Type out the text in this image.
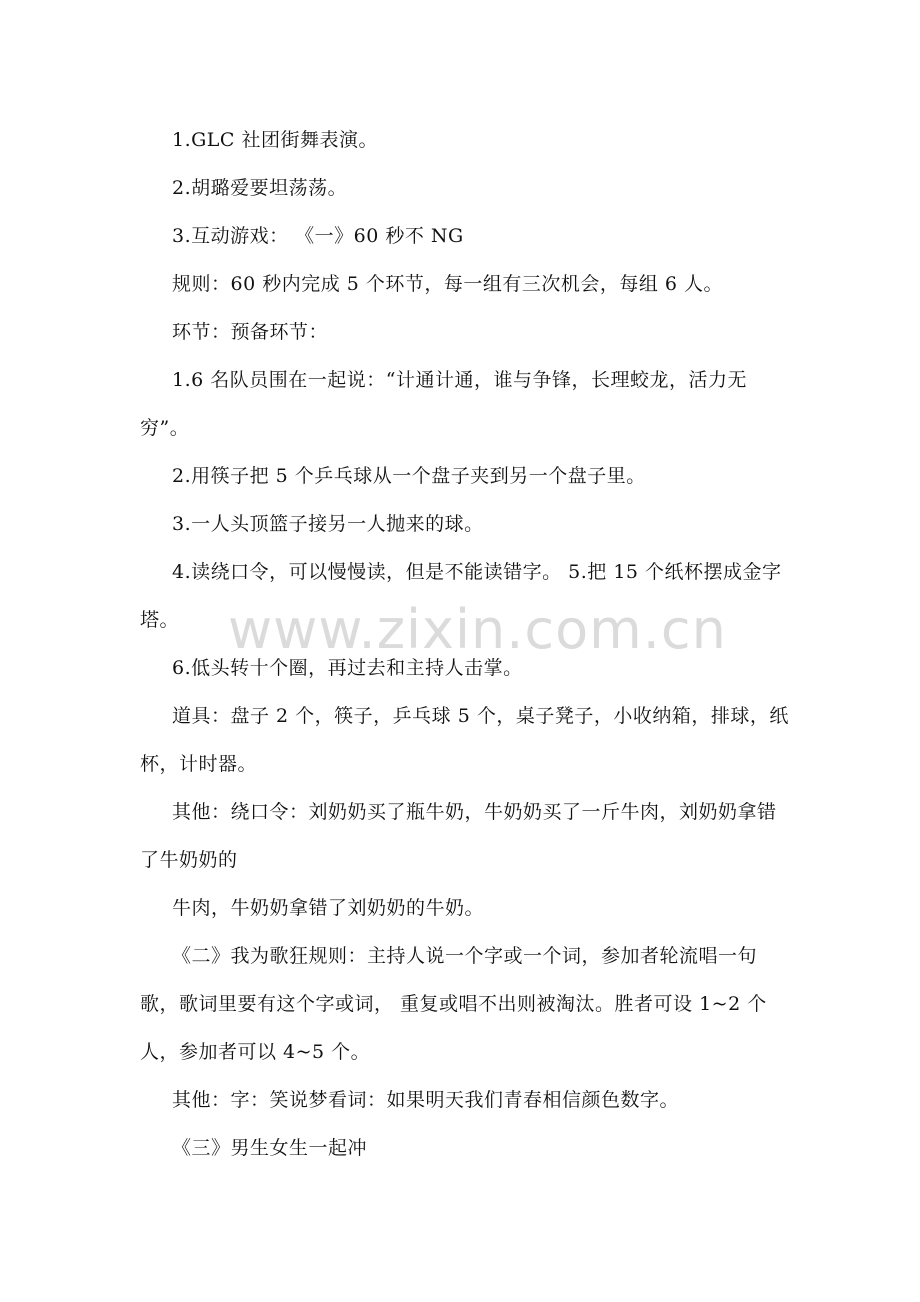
1.GLC 社团街舞表演。

2.胡璐爱要坦荡荡。

3.互动游戏： 《一》60 秒不 NG

规则：60 秒内完成 5 个环节，每一组有三次机会，每组 6 人。

环节：预备环节：

1.6 名队员围在一起说：“计通计通，谁与争锋，长理蛟龙，活力无 穷”。

2.用筷子把 5 个乒乓球从一个盘子夹到另一个盘子里。

3.一人头顶篮子接另一人抛来的球。

4.读绕口令，可以慢慢读，但是不能读错字。 5.把 15 个纸杯摆成金字塔。

6.低头转十个圈，再过去和主持人击掌。

道具：盘子 2 个，筷子，乒乓球 5 个，桌子凳子，小收纳箱，排球，纸杯，计时器。

其他：绕口令：刘奶奶买了瓶牛奶，牛奶奶买了一斤牛肉，刘奶奶拿错了牛奶奶的

牛肉，牛奶奶拿错了刘奶奶的牛奶。

《二》我为歌狂规则：主持人说一个字或一个词，参加者轮流唱一句歌，歌词里要有这个字或词， 重复或唱不出则被淘汰。胜者可设 1~2 个人，参加者可以 4~5 个。

其他：字：笑说梦看词：如果明天我们青春相信颜色数字。

《三》男生女生一起冲

www.zixin.com.cn
